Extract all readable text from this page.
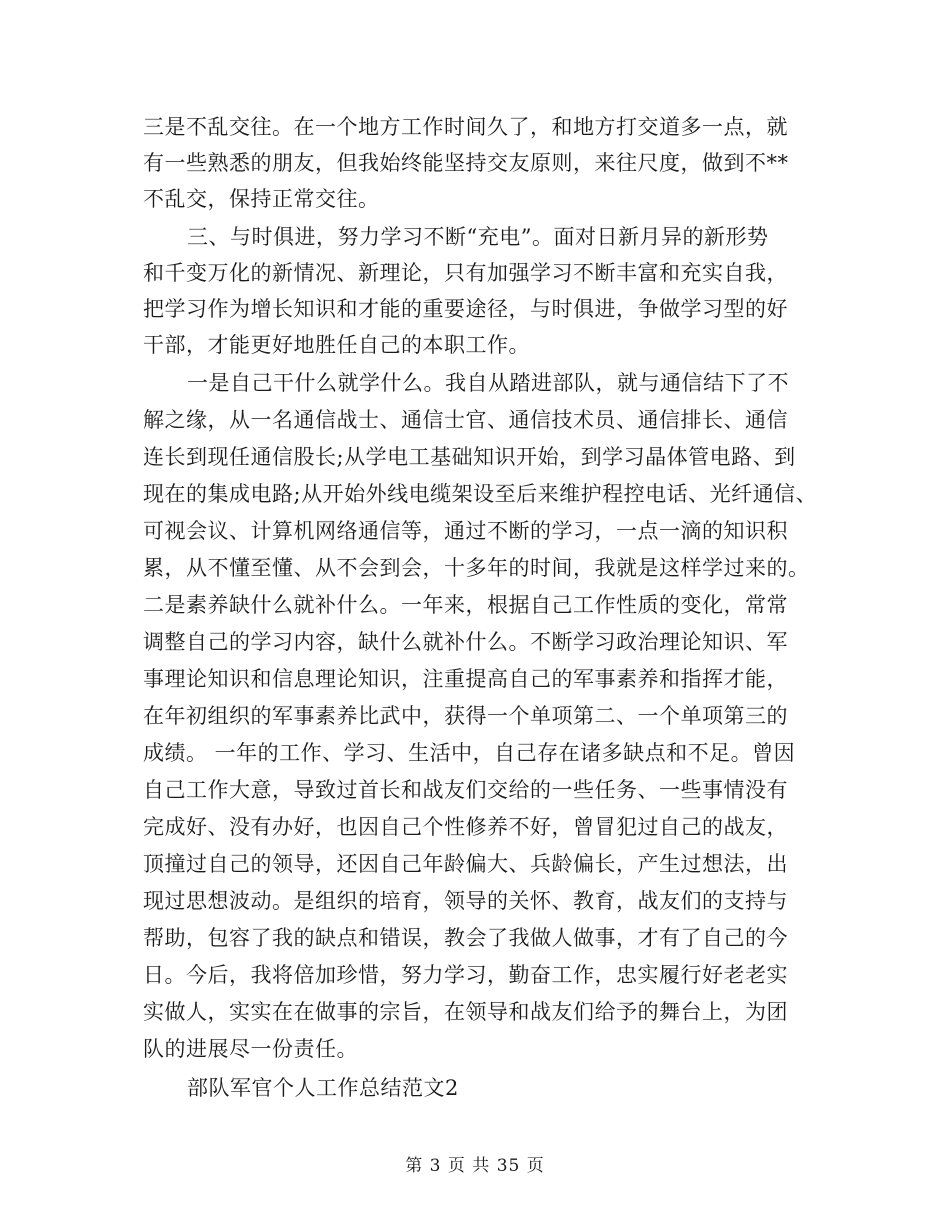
三是不乱交往。在一个地方工作时间久了，和地方打交道多一点，就
有一些熟悉的朋友，但我始终能坚持交友原则，来往尺度，做到不**
不乱交，保持正常交往。
三、与时俱进，努力学习不断“充电”。面对日新月异的新形势
和千变万化的新情况、新理论，只有加强学习不断丰富和充实自我，
把学习作为增长知识和才能的重要途径，与时俱进，争做学习型的好
干部，才能更好地胜任自己的本职工作。
一是自己干什么就学什么。我自从踏进部队，就与通信结下了不
解之缘，从一名通信战士、通信士官、通信技术员、通信排长、通信
连长到现任通信股长;从学电工基础知识开始，到学习晶体管电路、到
现在的集成电路;从开始外线电缆架设至后来维护程控电话、光纤通信、
可视会议、计算机网络通信等，通过不断的学习，一点一滴的知识积
累，从不懂至懂、从不会到会，十多年的时间，我就是这样学过来的。
二是素养缺什么就补什么。一年来，根据自己工作性质的变化，常常
调整自己的学习内容，缺什么就补什么。不断学习政治理论知识、军
事理论知识和信息理论知识，注重提高自己的军事素养和指挥才能，
在年初组织的军事素养比武中，获得一个单项第二、一个单项第三的
成绩。 一年的工作、学习、生活中，自己存在诸多缺点和不足。曾因
自己工作大意，导致过首长和战友们交给的一些任务、一些事情没有
完成好、没有办好，也因自己个性修养不好，曾冒犯过自己的战友，
顶撞过自己的领导，还因自己年龄偏大、兵龄偏长，产生过想法，出
现过思想波动。是组织的培育，领导的关怀、教育，战友们的支持与
帮助，包容了我的缺点和错误，教会了我做人做事，才有了自己的今
日。今后，我将倍加珍惜，努力学习，勤奋工作，忠实履行好老老实
实做人，实实在在做事的宗旨，在领导和战友们给予的舞台上，为团
队的进展尽一份责任。
部队军官个人工作总结范文2
第 3 页 共 35 页
